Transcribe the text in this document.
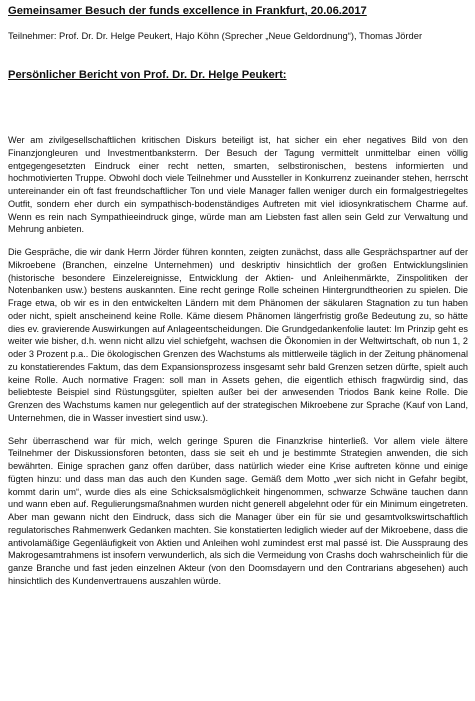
Gemeinsamer Besuch der funds excellence in Frankfurt, 20.06.2017

Teilnehmer: Prof. Dr. Dr. Helge Peukert, Hajo Köhn (Sprecher „Neue Geldordnung“), Thomas Jörder

Persönlicher Bericht von Prof. Dr. Dr. Helge Peukert:

Wer am zivilgesellschaftlichen kritischen Diskurs beteiligt ist, hat sicher ein eher negatives Bild von den Finanzjongleuren und Investmentbanksterrn. Der Besuch der Tagung vermittelt unmittelbar einen völlig entgegengesetzten Eindruck einer recht netten, smarten, selbstironischen, bestens informierten und hochmotivierten Truppe. Obwohl doch viele Teilnehmer und Aussteller in Konkurrenz zueinander stehen, herrscht untereinander ein oft fast freundschaftlicher Ton und viele Manager fallen weniger durch ein formalgestriegeltes Outfit, sondern eher durch ein sympathisch-bodenständiges Auftreten mit viel idiosynkratischem Charme auf. Wenn es rein nach Sympathieeindruck ginge, würde man am Liebsten fast allen sein Geld zur Verwaltung und Mehrung anbieten.

Die Gespräche, die wir dank Herrn Jörder führen konnten, zeigten zunächst, dass alle Gesprächspartner auf der Mikroebene (Branchen, einzelne Unternehmen) und deskriptiv hinsichtlich der großen Entwicklungslinien (historische besondere Einzelereignisse, Entwicklung der Aktien- und Anleihenmärkte, Zinspolitiken der Notenbanken usw.) bestens auskannten. Eine recht geringe Rolle scheinen Hintergrundtheorien zu spielen. Die Frage etwa, ob wir es in den entwickelten Ländern mit dem Phänomen der säkularen Stagnation zu tun haben oder nicht, spielt anscheinend keine Rolle. Käme diesem Phänomen längerfristig große Bedeutung zu, so hätte dies ev. gravierende Auswirkungen auf Anlageentscheidungen. Die Grundgedankenfolie lautet: Im Prinzip geht es weiter wie bisher, d.h. wenn nicht allzu viel schiefgeht, wachsen die Ökonomien in der Weltwirtschaft, ob nun 1, 2 oder 3 Prozent p.a.. Die ökologischen Grenzen des Wachstums als mittlerweile täglich in der Zeitung phänomenal zu konstatierendes Faktum, das dem Expansionsprozess insgesamt sehr bald Grenzen setzen dürfte, spielt auch keine Rolle. Auch normative Fragen: soll man in Assets gehen, die eigentlich ethisch fragwürdig sind, das beliebteste Beispiel sind Rüstungsgüter, spielten außer bei der anwesenden Triodos Bank keine Rolle. Die Grenzen des Wachstums kamen nur gelegentlich auf der strategischen Mikroebene zur Sprache (Kauf von Land, Unternehmen, die in Wasser investiert sind usw.).

Sehr überraschend war für mich, welch geringe Spuren die Finanzkrise hinterließ. Vor allem viele ältere Teilnehmer der Diskussionsforen betonten, dass sie seit eh und je bestimmte Strategien anwenden, die sich bewährten. Einige sprachen ganz offen darüber, dass natürlich wieder eine Krise auftreten könne und einige fügten hinzu: und dass man das auch den Kunden sage. Gemäß dem Motto „wer sich nicht in Gefahr begibt, kommt darin um“, wurde dies als eine Schicksalsmöglichkeit hingenommen, schwarze Schwäne tauchen dann und wann eben auf. Regulierungsmaßnahmen wurden nicht generell abgelehnt oder für ein Minimum eingetreten. Aber man gewann nicht den Eindruck, dass sich die Manager über ein für sie und gesamtvolkswirtschaftlich regulatorisches Rahmenwerk Gedanken machten. Sie konstatierten lediglich wieder auf der Mikroebene, dass die antivolamäßige Gegenläufigkeit von Aktien und Anleihen wohl zumindest erst mal passé ist. Die Ausspraung des Makrogesamtrahmens ist insofern verwunderlich, als sich die Vermeidung von Crashs doch wahrscheinlich für die ganze Branche und fast jeden einzelnen Akteur (von den Doomsdayern und den Contrarians abgesehen) auch hinsichtlich des Kundenvertrauens auszahlen würde.
